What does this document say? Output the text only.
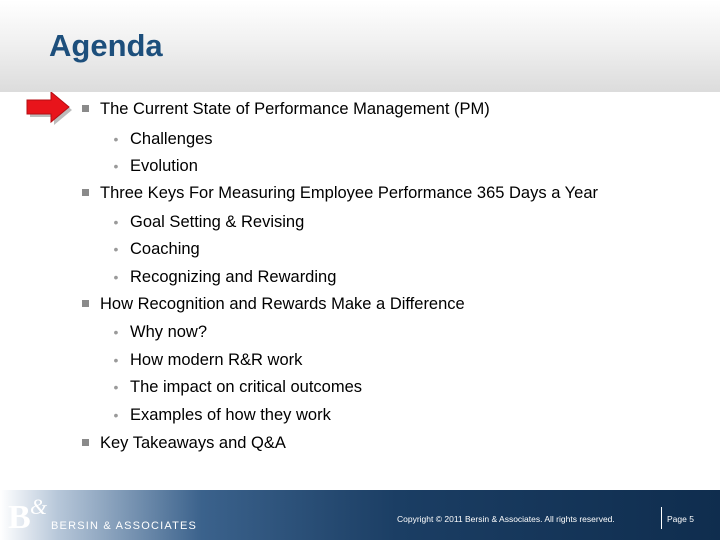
Agenda
The Current State of Performance Management (PM)
• Challenges
• Evolution
Three Keys For Measuring Employee Performance 365 Days a Year
• Goal Setting & Revising
• Coaching
• Recognizing and Rewarding
How Recognition and Rewards Make a Difference
• Why now?
• How modern R&R work
• The impact on critical outcomes
• Examples of how they work
Key Takeaways and Q&A
B &
BERSIN & ASSOCIATES
Copyright © 2011 Bersin & Associates. All rights reserved.	Page 5
